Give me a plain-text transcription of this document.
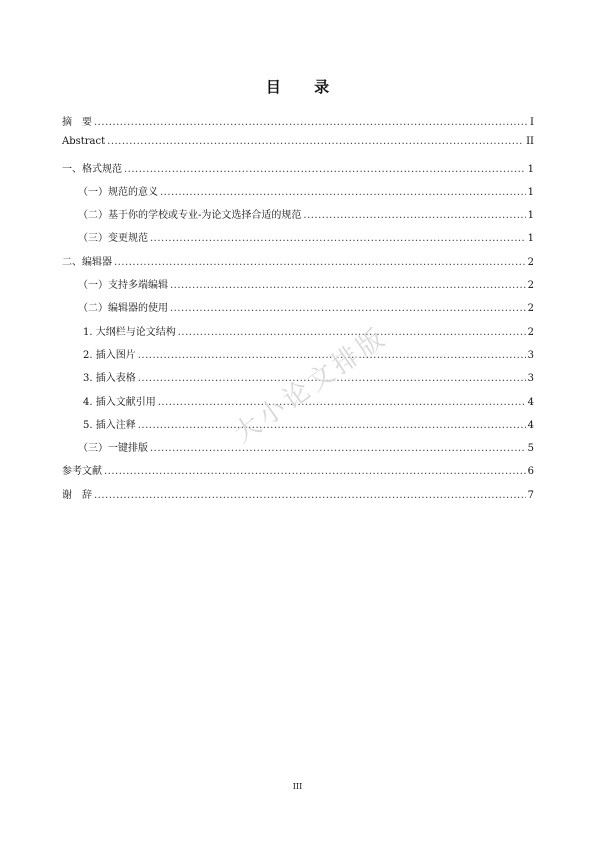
目 录
摘　要 .....	I
Abstract .....	II
一、格式规范 .....	1
（一）规范的意义 .....	1
（二）基于你的学校或专业-为论文选择合适的规范 .....	1
（三）变更规范 .....	1
二、编辑器 .....	2
（一）支持多端编辑 .....	2
（二）编辑器的使用 .....	2
1. 大纲栏与论文结构 .....	2
2. 插入图片 .....	3
3. 插入表格 .....	3
4. 插入文献引用 .....	4
5. 插入注释 .....	4
（三）一键排版 .....	5
参考文献 .....	6
谢　辞 .....	7
大小论文排版
III
